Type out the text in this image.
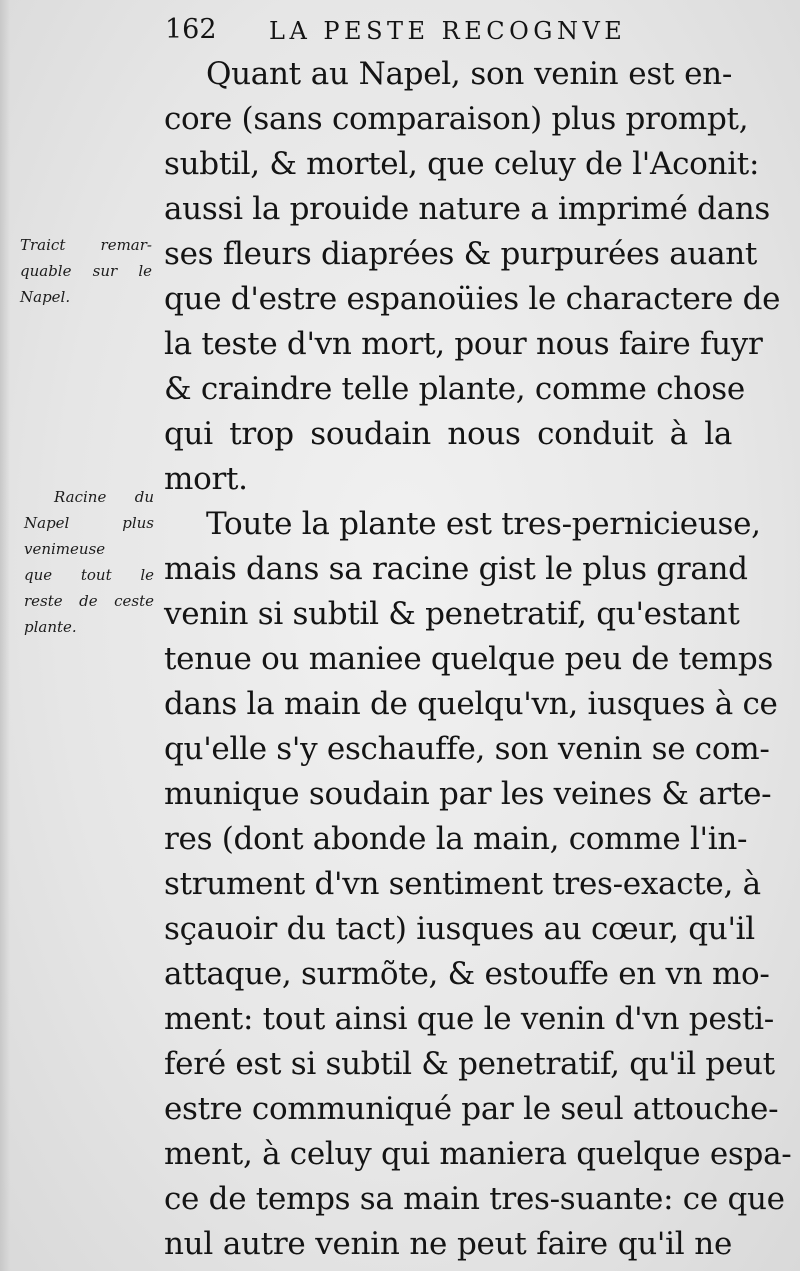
162 LA PESTE RECOGNVE
Traict remar-
quable sur le
Napel.
Racine du
Napel plus
venimeuse
que tout le
reste de ceste
plante.
Quant au Napel, son venin est en-
core (sans comparaison) plus prompt,
subtil, & mortel, que celuy de l'Aconit:
aussi la prouide nature a imprimé dans
ses fleurs diaprées & purpurées auant
que d'estre espanoüies le charactere de
la teste d'vn mort, pour nous faire fuyr
& craindre telle plante, comme chose
qui trop soudain nous conduit à la
mort.
Toute la plante est tres-pernicieuse,
mais dans sa racine gist le plus grand
venin si subtil & penetratif, qu'estant
tenue ou maniee quelque peu de temps
dans la main de quelqu'vn, iusques à ce
qu'elle s'y eschauffe, son venin se com-
munique soudain par les veines & arte-
res (dont abonde la main, comme l'in-
strument d'vn sentiment tres-exacte, à
sçauoir du tact) iusques au cœur, qu'il
attaque, surmõte, & estouffe en vn mo-
ment: tout ainsi que le venin d'vn pesti-
feré est si subtil & penetratif, qu'il peut
estre communiqué par le seul attouche-
ment, à celuy qui maniera quelque espa-
ce de temps sa main tres-suante: ce que
nul autre venin ne peut faire qu'il ne
